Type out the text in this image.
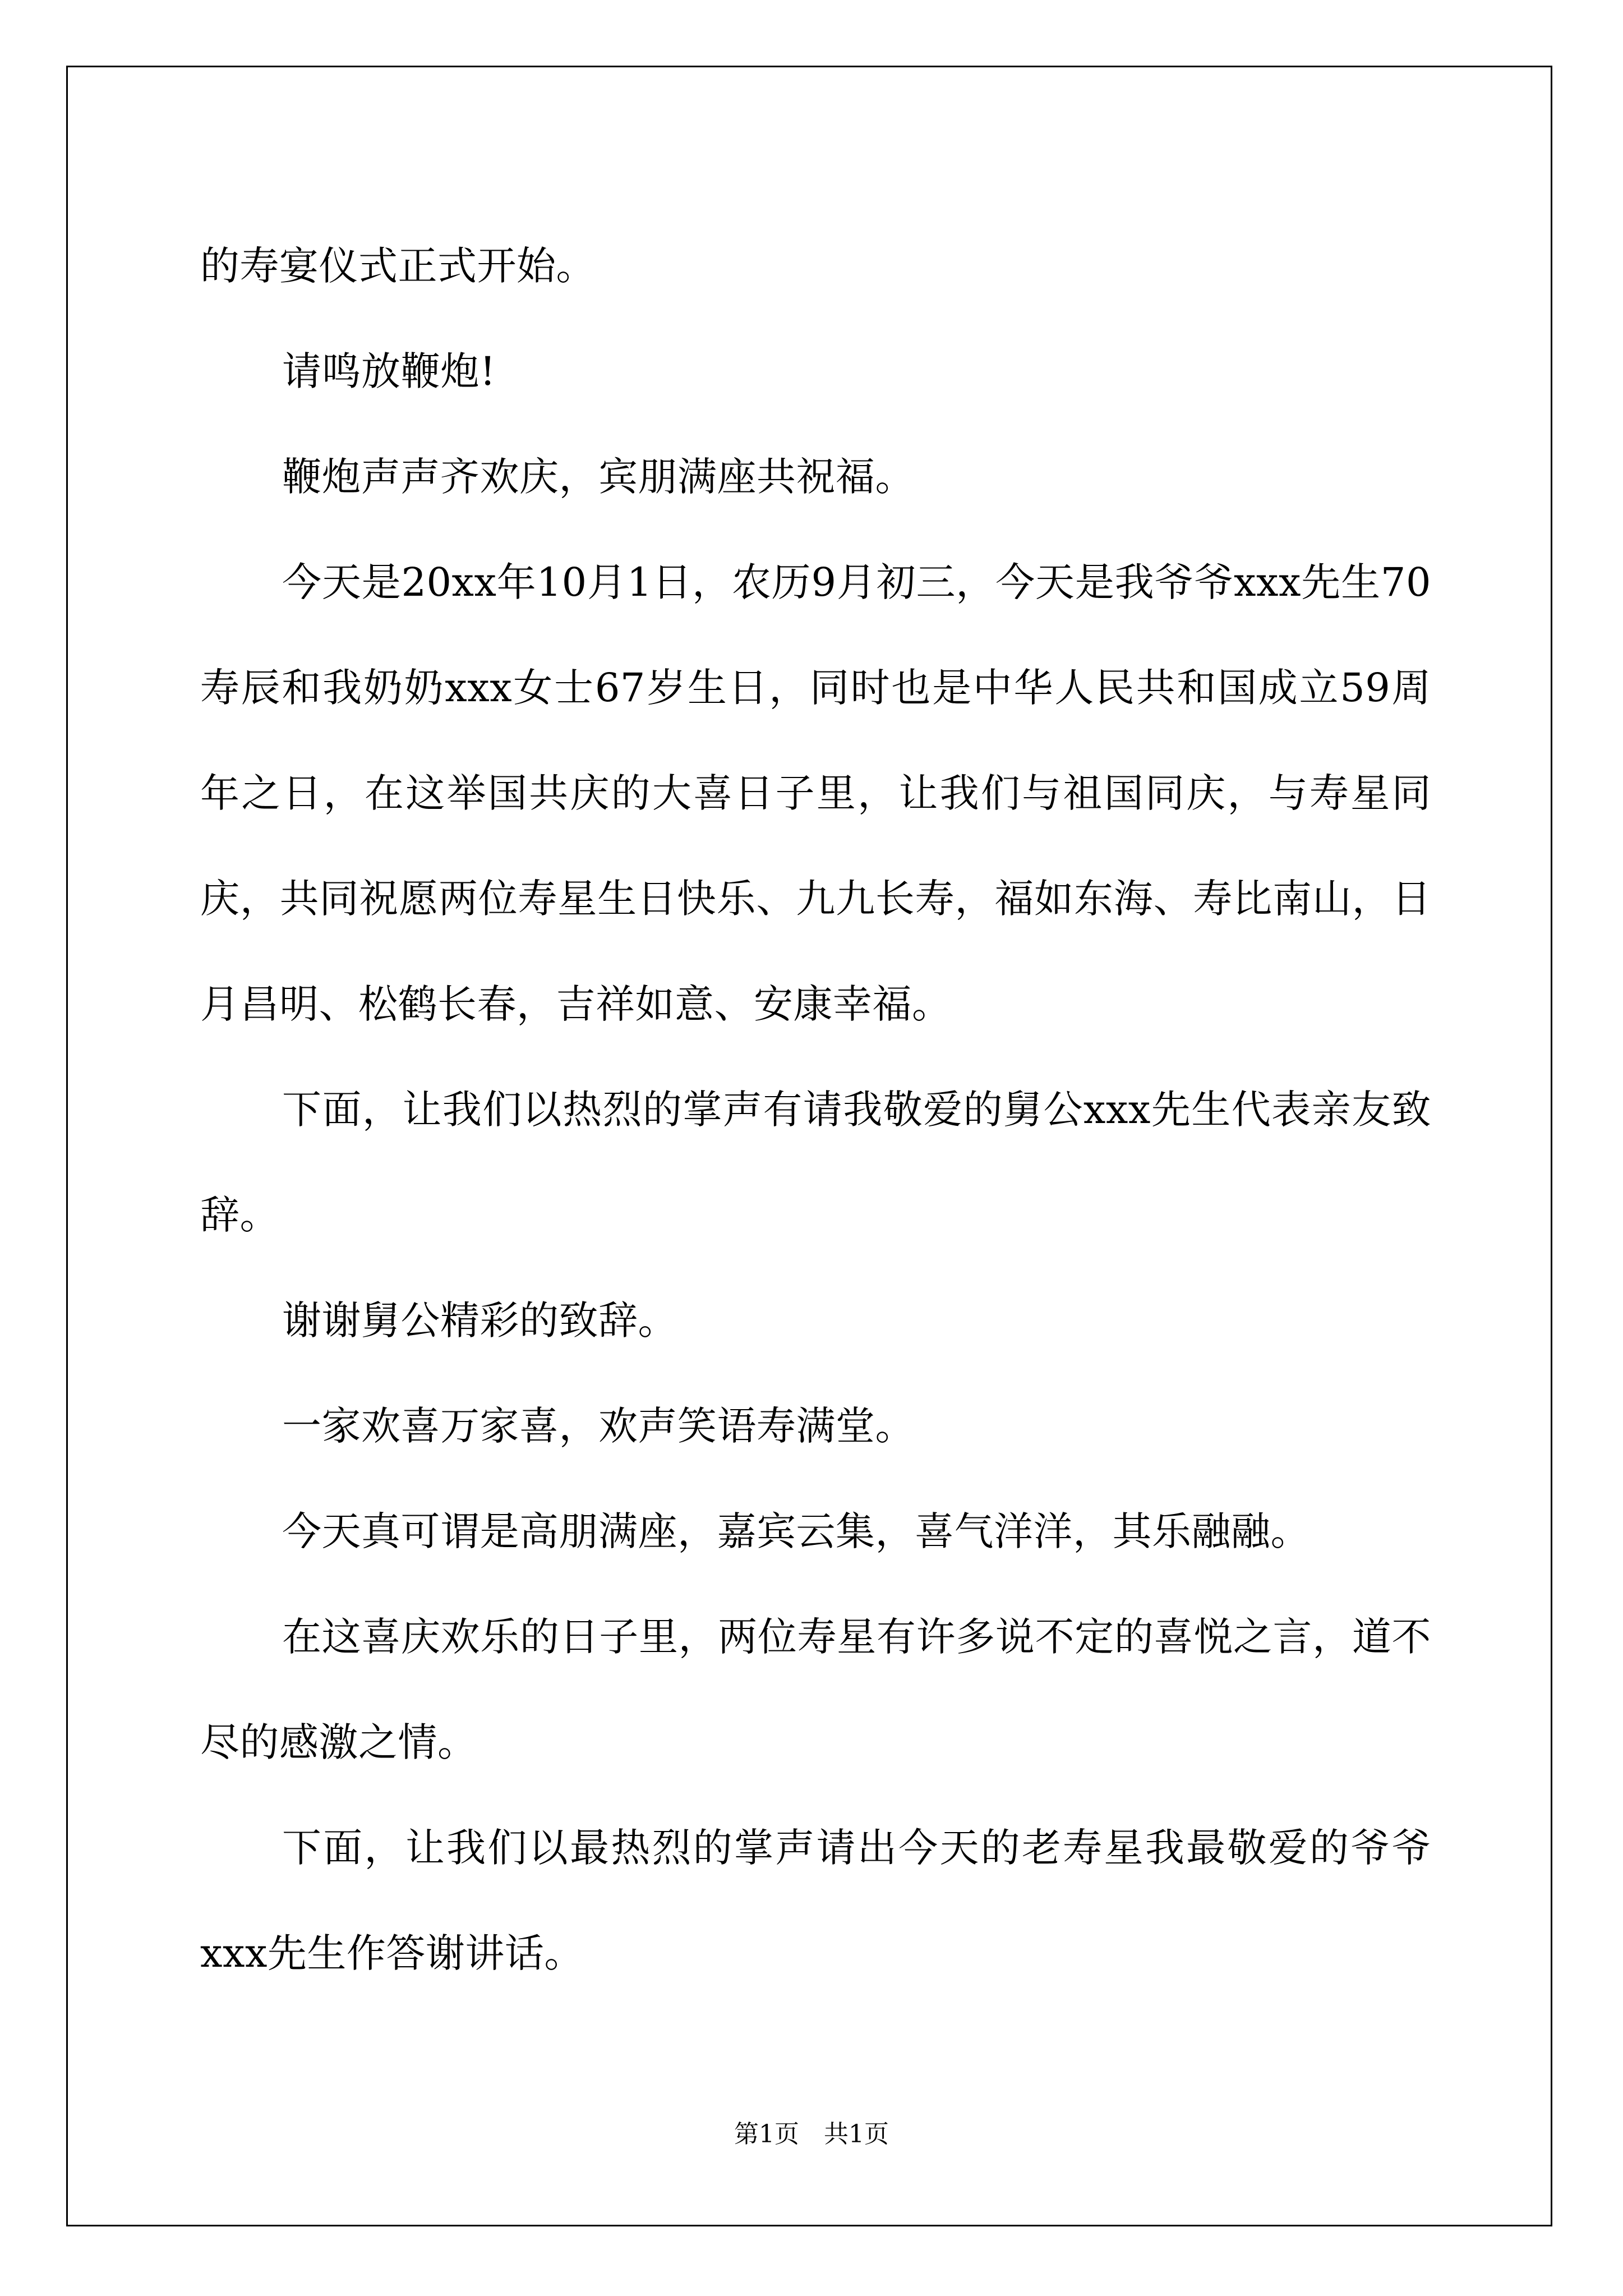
的寿宴仪式正式开始。

请鸣放鞭炮!

鞭炮声声齐欢庆，宾朋满座共祝福。

今天是20xx年10月1日，农历9月初三，今天是我爷爷xxx先生70寿辰和我奶奶xxx女士67岁生日，同时也是中华人民共和国成立59周年之日，在这举国共庆的大喜日子里，让我们与祖国同庆，与寿星同庆，共同祝愿两位寿星生日快乐、九九长寿，福如东海、寿比南山，日月昌明、松鹤长春，吉祥如意、安康幸福。

下面，让我们以热烈的掌声有请我敬爱的舅公xxx先生代表亲友致辞。

谢谢舅公精彩的致辞。

一家欢喜万家喜，欢声笑语寿满堂。

今天真可谓是高朋满座，嘉宾云集，喜气洋洋，其乐融融。

在这喜庆欢乐的日子里，两位寿星有许多说不定的喜悦之言，道不尽的感激之情。

下面，让我们以最热烈的掌声请出今天的老寿星我最敬爱的爷爷xxx先生作答谢讲话。

第1页 共1页
